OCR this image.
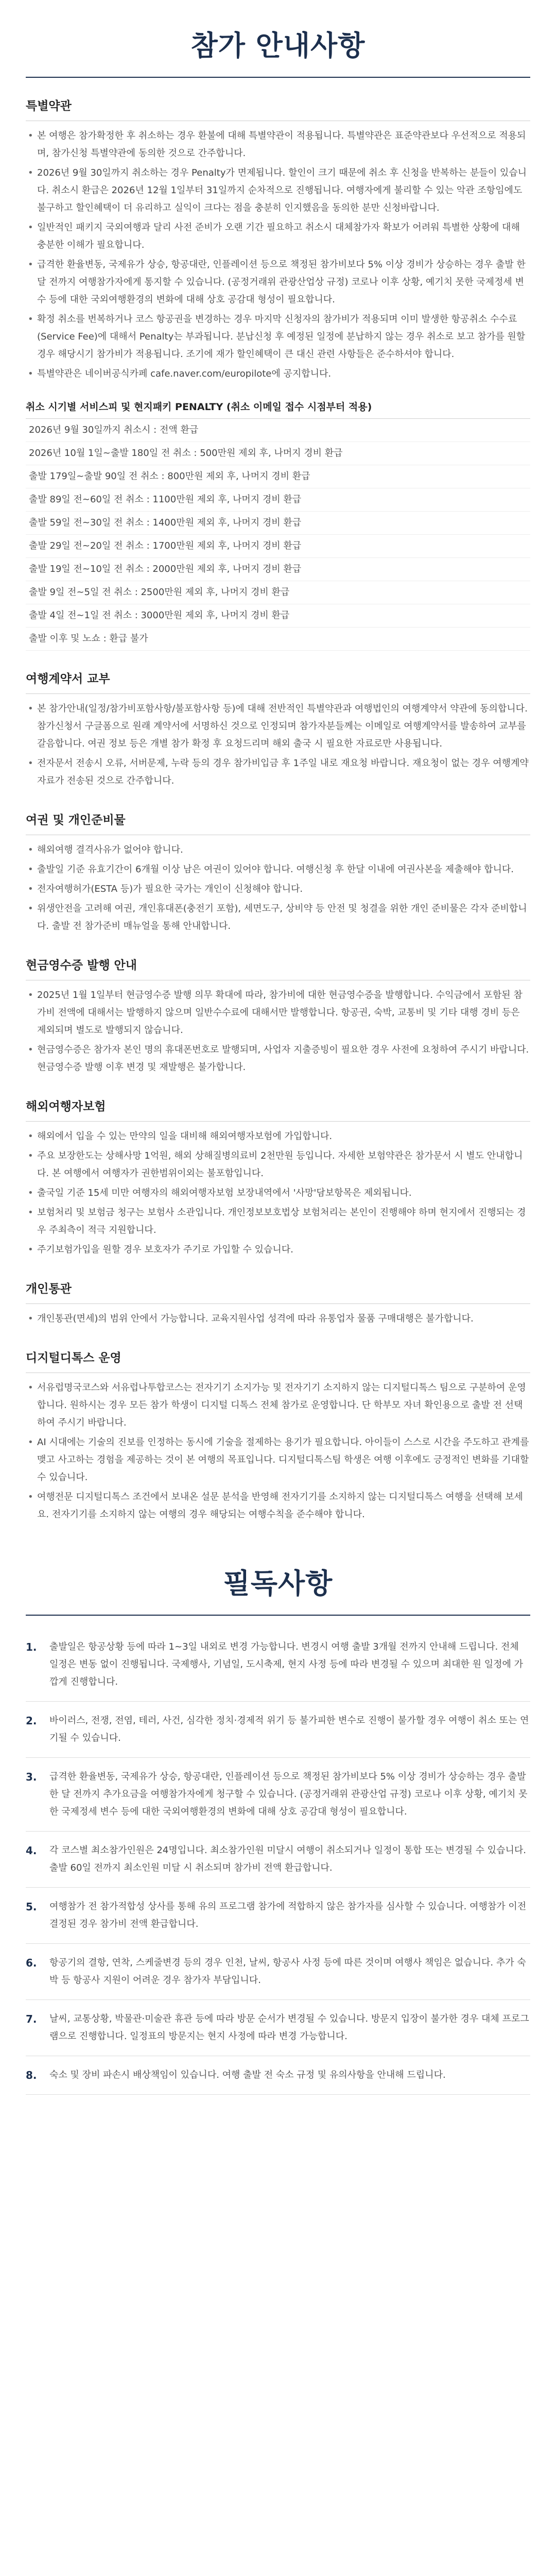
참가 안내사항
특별약관
• 본 여행은 참가확정한 후 취소하는 경우 환불에 대해 특별약관이 적용됩니다. 특별약관은 표준약관보다 우선적으로 적용되며, 참가신청 특별약관에 동의한 것으로 간주합니다.
• 2026년 9월 30일까지 취소하는 경우 Penalty가 면제됩니다. 할인이 크기 때문에 취소 후 신청을 반복하는 분들이 있습니다. 취소시 환급은 2026년 12월 1일부터 31일까지 순차적으로 진행됩니다. 여행자에게 불리할 수 있는 악관 조항임에도 불구하고 할인혜택이 더 유리하고 실익이 크다는 점을 충분히 인지했음을 동의한 분만 신청바랍니다.
• 일반적인 패키지 국외여행과 달리 사전 준비가 오랜 기간 필요하고 취소시 대체참가자 확보가 어려워 특별한 상황에 대해 충분한 이해가 필요합니다.
• 급격한 환율변동, 국제유가 상승, 항공대란, 인플레이션 등으로 책정된 참가비보다 5% 이상 경비가 상승하는 경우 출발 한달 전까지 여행참가자에게 통지할 수 있습니다. (공정거래위 관광산업상 규정) 코로나 이후 상황, 예기치 못한 국제정세 변수 등에 대한 국외여행환경의 변화에 대해 상호 공감대 형성이 필요합니다.
• 확정 취소를 번복하거나 코스 항공권을 변경하는 경우 마지막 신청자의 참가비가 적용되며 이미 발생한 항공취소 수수료(Service Fee)에 대해서 Penalty는 부과됩니다. 분납신청 후 예정된 일정에 분납하지 않는 경우 취소로 보고 참가를 원할 경우 해당시기 참가비가 적용됩니다. 조기에 재가 할인혜택이 큰 대신 관련 사항들은 준수하셔야 합니다.
• 특별약관은 네이버공식카페 cafe.naver.com/europilote에 공지합니다.
취소 시기별 서비스피 및 현지패키 PENALTY (취소 이메일 접수 시점부터 적용)
2026년 9월 30일까지 취소시 : 전액 환급
2026년 10월 1일~출발 180일 전 취소 : 500만원 제외 후, 나머지 경비 환급
출발 179일~출발 90일 전 취소 : 800만원 제외 후, 나머지 경비 환급
출발 89일 전~60일 전 취소 : 1100만원 제외 후, 나머지 경비 환급
출발 59일 전~30일 전 취소 : 1400만원 제외 후, 나머지 경비 환급
출발 29일 전~20일 전 취소 : 1700만원 제외 후, 나머지 경비 환급
출발 19일 전~10일 전 취소 : 2000만원 제외 후, 나머지 경비 환급
출발 9일 전~5일 전 취소 : 2500만원 제외 후, 나머지 경비 환급
출발 4일 전~1일 전 취소 : 3000만원 제외 후, 나머지 경비 환급
출발 이후 및 노쇼 : 환급 불가
여행계약서 교부
• 본 참가안내(일정/참가비포함사항/불포함사항 등)에 대해 전반적인 특별약관과 여행법인의 여행계약서 약관에 동의합니다. 참가신청서 구글폼으로 원래 계약서에 서명하신 것으로 인정되며 참가자분들께는 이메일로 여행계약서를 발송하여 교부를 갈음합니다. 여권 정보 등은 개별 참가 확정 후 요청드리며 해외 출국 시 필요한 자료로만 사용됩니다.
• 전자문서 전송시 오류, 서버문제, 누락 등의 경우 참가비입금 후 1주일 내로 재요청 바랍니다. 재요청이 없는 경우 여행계약 자료가 전송된 것으로 간주합니다.
여권 및 개인준비물
• 해외여행 결격사유가 없어야 합니다.
• 출발일 기준 유효기간이 6개월 이상 남은 여권이 있어야 합니다. 여행신청 후 한달 이내에 여권사본을 제출해야 합니다.
• 전자여행허가(ESTA 등)가 필요한 국가는 개인이 신청해야 합니다.
• 위생안전을 고려해 여권, 개인휴대폰(충전기 포함), 세면도구, 상비약 등 안전 및 청결을 위한 개인 준비물은 각자 준비합니다. 출발 전 참가준비 매뉴얼을 통해 안내합니다.
현금영수증 발행 안내
• 2025년 1월 1일부터 현금영수증 발행 의무 확대에 따라, 참가비에 대한 현금영수증을 발행합니다. 수익금에서 포함된 참가비 전액에 대해서는 발행하지 않으며 일반수수료에 대해서만 발행합니다. 항공권, 숙박, 교통비 및 기타 대행 경비 등은 제외되며 별도로 발행되지 않습니다.
• 현금영수증은 참가자 본인 명의 휴대폰번호로 발행되며, 사업자 지출증빙이 필요한 경우 사전에 요청하여 주시기 바랍니다. 현금영수증 발행 이후 변경 및 재발행은 불가합니다.
해외여행자보험
• 해외에서 입을 수 있는 만약의 일을 대비해 해외여행자보험에 가입합니다.
• 주요 보장한도는 상해사망 1억원, 해외 상해질병의료비 2천만원 등입니다. 자세한 보험약관은 참가문서 시 별도 안내합니다. 본 여행에서 여행자가 권한범위이외는 불포함입니다.
• 출국일 기준 15세 미만 여행자의 해외여행자보험 보장내역에서 '사망'담보항목은 제외됩니다.
• 보험처리 및 보험금 청구는 보험사 소관입니다. 개인정보보호법상 보험처리는 본인이 진행해야 하며 현지에서 진행되는 경우 주최측이 적극 지원합니다.
• 주기보험가입을 원할 경우 보호자가 주기로 가입할 수 있습니다.
개인통관
• 개인통관(면세)의 범위 안에서 가능합니다. 교육지원사업 성격에 따라 유통업자 물품 구매대행은 불가합니다.
디지털디톡스 운영
• 서유럽명국코스와 서유럽나투합코스는 전자기기 소지가능 및 전자기기 소지하지 않는 디지털디톡스 팀으로 구분하여 운영합니다. 원하시는 경우 모든 참가 학생이 디지털 디톡스 전체 참가로 운영합니다. 단 학부모 자녀 확인용으로 출발 전 선택하여 주시기 바랍니다.
• AI 시대에는 기술의 진보를 인정하는 동시에 기술을 절제하는 용기가 필요합니다. 아이들이 스스로 시간을 주도하고 관계를 맺고 사고하는 경험을 제공하는 것이 본 여행의 목표입니다. 디지털디톡스팀 학생은 여행 이후에도 긍정적인 변화를 기대할 수 있습니다.
• 여행전문 디지털디톡스 조건에서 보내온 설문 분석을 반영해 전자기기를 소지하지 않는 디지털디톡스 여행을 선택해 보세요. 전자기기를 소지하지 않는 여행의 경우 해당되는 여행수칙을 준수해야 합니다.
필독사항
1.	출발일은 항공상황 등에 따라 1~3일 내외로 변경 가능합니다. 변경시 여행 출발 3개월 전까지 안내해 드립니다. 전체 일정은 변동 없이 진행됩니다. 국제행사, 기념일, 도시축제, 현지 사정 등에 따라 변경될 수 있으며 최대한 원 일정에 가깝게 진행합니다.
2.	바이러스, 전쟁, 전염, 테러, 사건, 심각한 정치·경제적 위기 등 불가피한 변수로 진행이 불가할 경우 여행이 취소 또는 연기될 수 있습니다.
3.	급격한 환율변동, 국제유가 상승, 항공대란, 인플레이션 등으로 책정된 참가비보다 5% 이상 경비가 상승하는 경우 출발 한 달 전까지 추가요금을 여행참가자에게 청구할 수 있습니다. (공정거래위 관광산업 규정) 코로나 이후 상황, 예기치 못한 국제정세 변수 등에 대한 국외여행환경의 변화에 대해 상호 공감대 형성이 필요합니다.
4.	각 코스별 최소참가인원은 24명입니다. 최소참가인원 미달시 여행이 취소되거나 일정이 통합 또는 변경될 수 있습니다. 출발 60일 전까지 최소인원 미달 시 취소되며 참가비 전액 환급합니다.
5.	여행참가 전 참가적합성 상사를 통해 유의 프로그램 참가에 적합하지 않은 참가자를 심사할 수 있습니다. 여행참가 이전 결정된 경우 참가비 전액 환급합니다.
6.	항공기의 결항, 연착, 스케줄변경 등의 경우 인천, 날씨, 항공사 사정 등에 따른 것이며 여행사 책임은 없습니다. 추가 숙박 등 항공사 지원이 어려운 경우 참가자 부담입니다.
7.	날씨, 교통상황, 박물관·미술관 휴관 등에 따라 방문 순서가 변경될 수 있습니다. 방문지 입장이 불가한 경우 대체 프로그램으로 진행합니다. 일정표의 방문지는 현지 사정에 따라 변경 가능합니다.
8.	숙소 및 장비 파손시 배상책임이 있습니다. 여행 출발 전 숙소 규정 및 유의사항을 안내해 드립니다.
